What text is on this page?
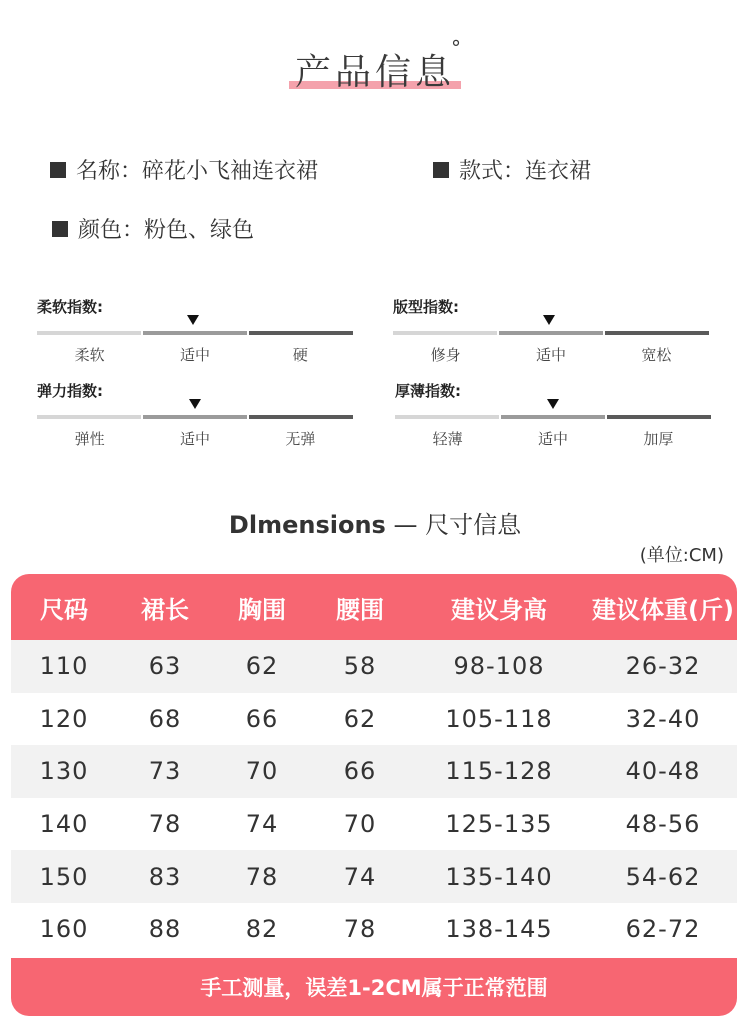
产品信息
°
名称：碎花小飞袖连衣裙	款式：连衣裙
颜色：粉色、绿色
柔软指数:
柔软	适中	硬
版型指数:
修身	适中	宽松
弹力指数:
弹性	适中	无弹
厚薄指数:
轻薄	适中	加厚
Dlmensions — 尺寸信息
(单位:CM)
尺码	裙长	胸围	腰围	建议身高	建议体重(斤)
110	63	62	58	98-108	26-32
120	68	66	62	105-118	32-40
130	73	70	66	115-128	40-48
140	78	74	70	125-135	48-56
150	83	78	74	135-140	54-62
160	88	82	78	138-145	62-72
手工测量，误差1-2CM属于正常范围
